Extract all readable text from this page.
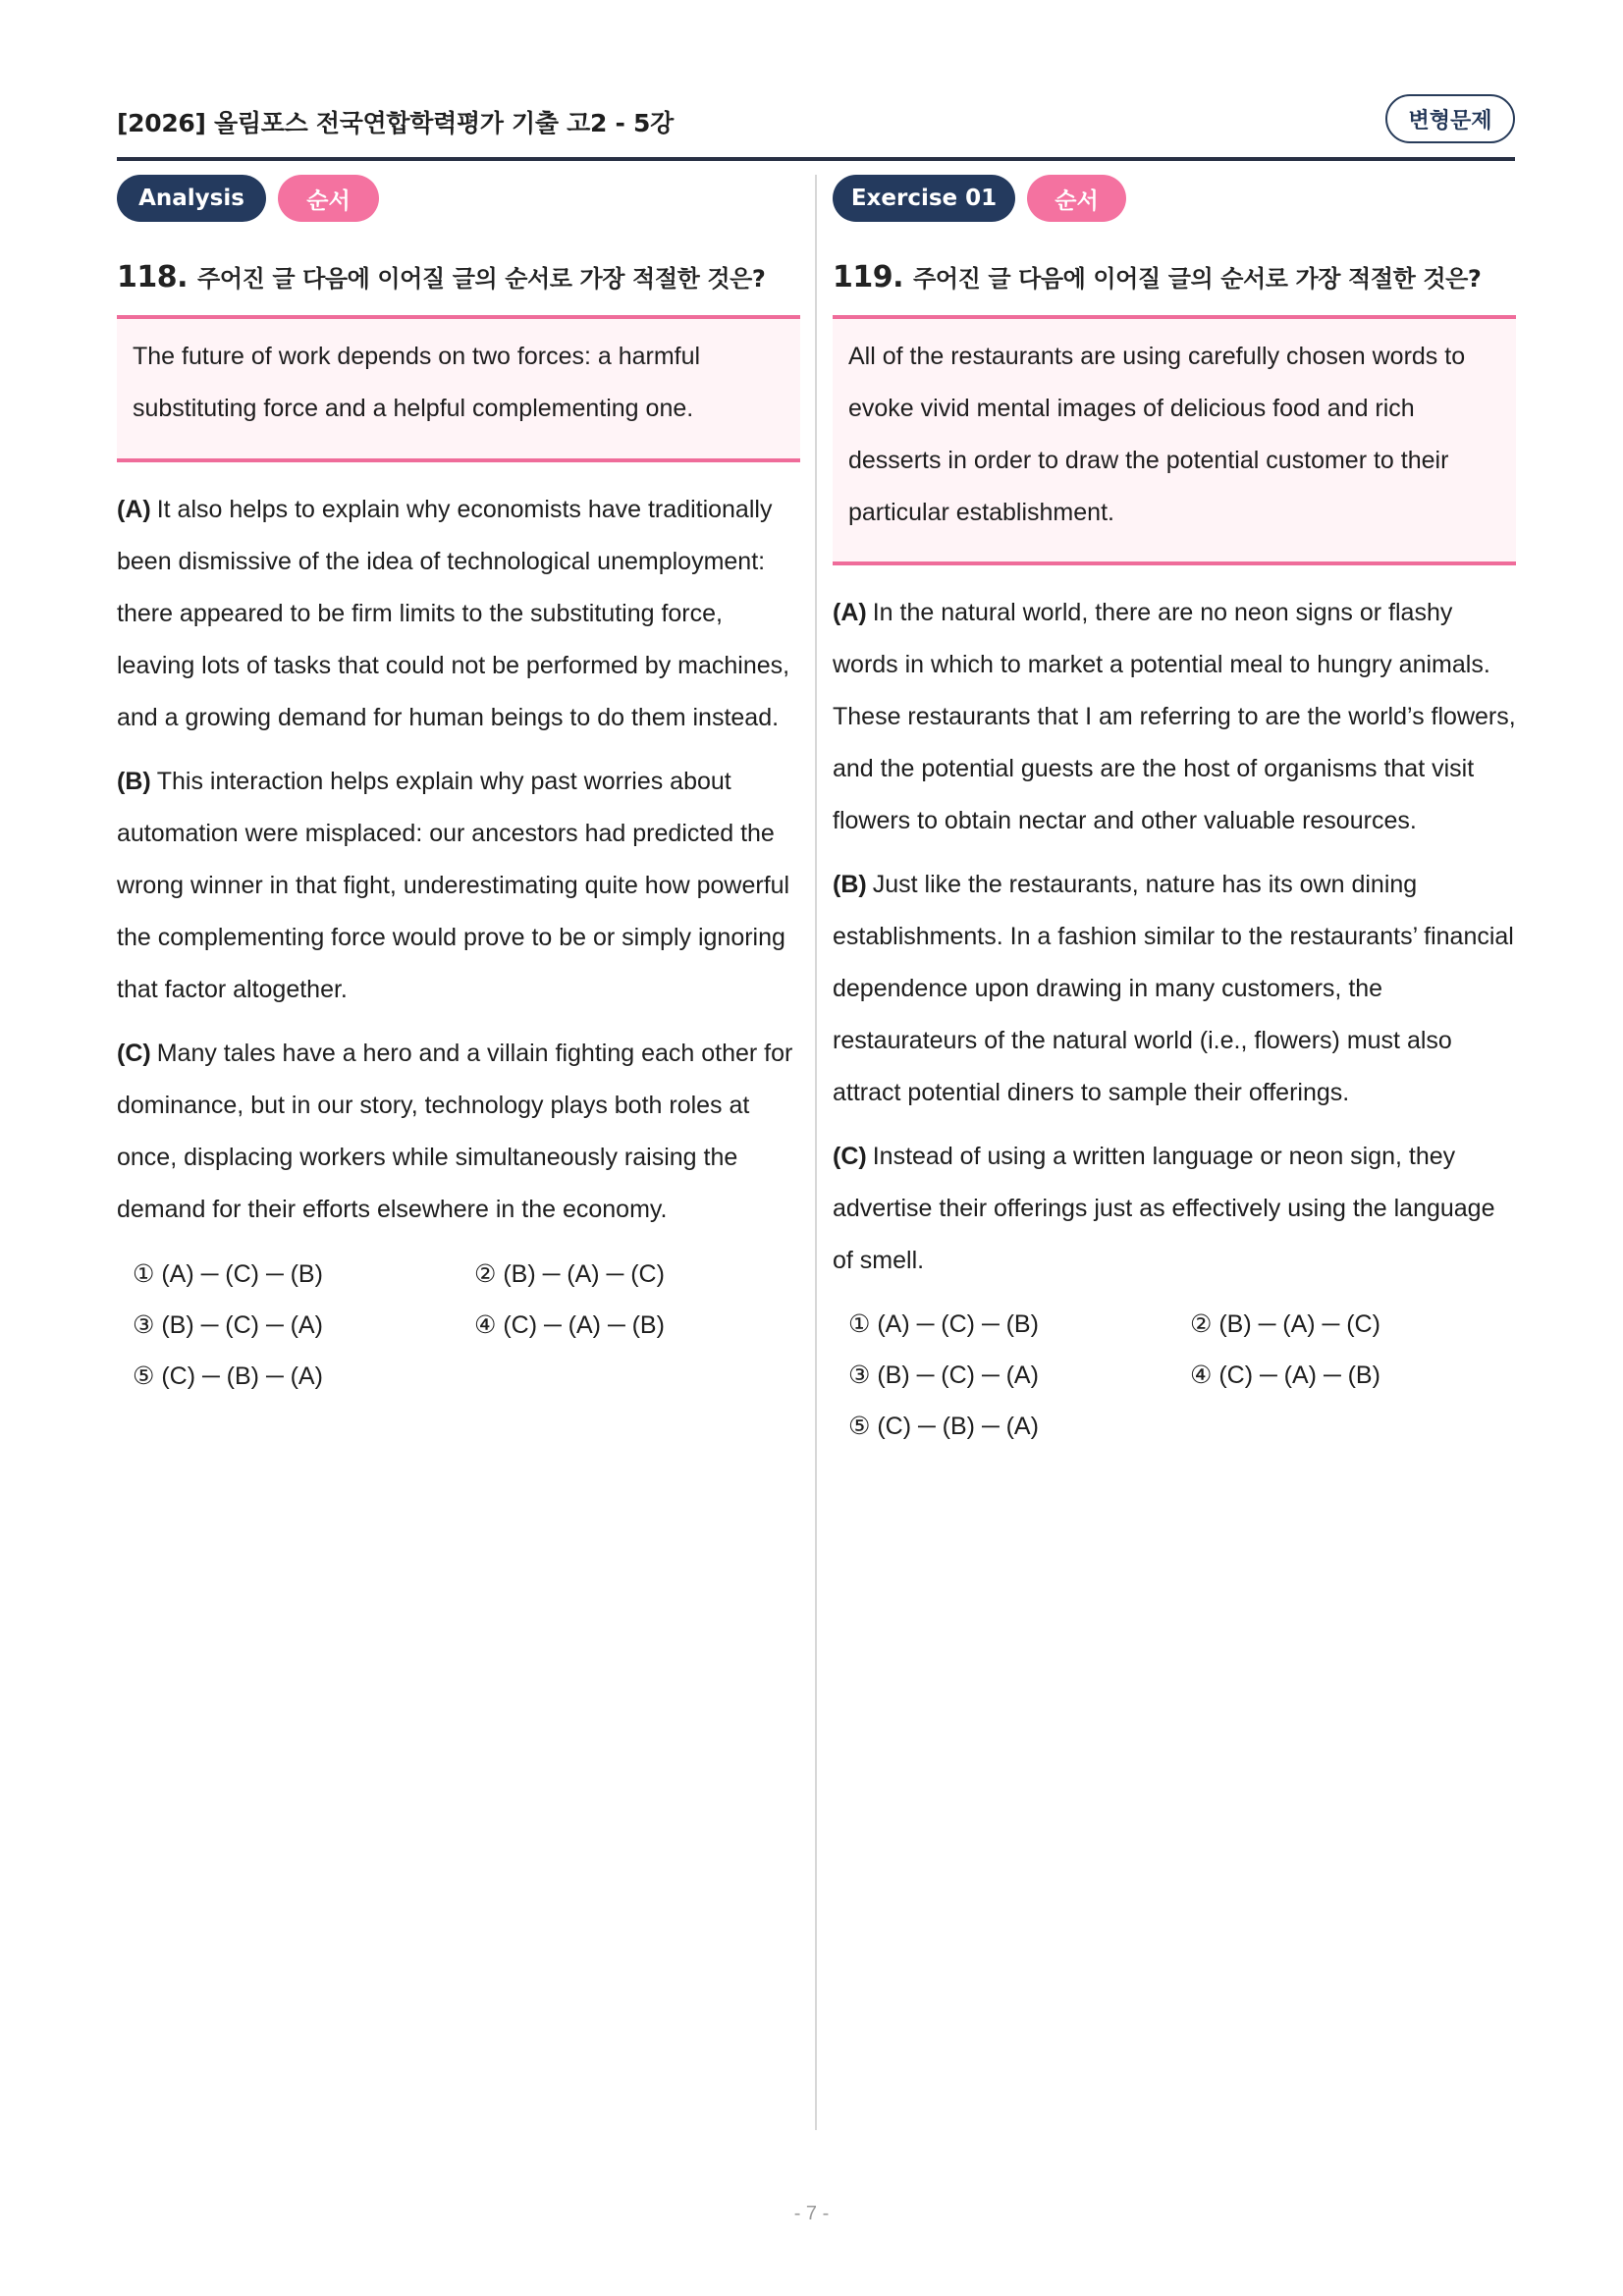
[2026] 올림포스 전국연합학력평가 기출 고2 - 5강	변형문제
Analysis	순서
118. 주어진 글 다음에 이어질 글의 순서로 가장 적절한 것은?
The future of work depends on two forces: a harmful
substituting force and a helpful complementing one.

(A) It also helps to explain why economists have traditionally been dismissive of the idea of technological unemployment: there appeared to be firm limits to the substituting force, leaving lots of tasks that could not be performed by machines, and a growing demand for human beings to do them instead.

(B) This interaction helps explain why past worries about automation were misplaced: our ancestors had predicted the wrong winner in that fight, underestimating quite how powerful the complementing force would prove to be or simply ignoring that factor altogether.

(C) Many tales have a hero and a villain fighting each other for dominance, but in our story, technology plays both roles at once, displacing workers while simultaneously raising the demand for their efforts elsewhere in the economy.

① (A) ─ (C) ─ (B)	② (B) ─ (A) ─ (C)
③ (B) ─ (C) ─ (A)	④ (C) ─ (A) ─ (B)
⑤ (C) ─ (B) ─ (A)
Exercise 01	순서
119. 주어진 글 다음에 이어질 글의 순서로 가장 적절한 것은?
All of the restaurants are using carefully chosen words to
evoke vivid mental images of delicious food and rich
desserts in order to draw the potential customer to their
particular establishment.

(A) In the natural world, there are no neon signs or flashy words in which to market a potential meal to hungry animals. These restaurants that I am referring to are the world’s flowers, and the potential guests are the host of organisms that visit flowers to obtain nectar and other valuable resources.

(B) Just like the restaurants, nature has its own dining establishments. In a fashion similar to the restaurants’ financial dependence upon drawing in many customers, the restaurateurs of the natural world (i.e., flowers) must also attract potential diners to sample their offerings.

(C) Instead of using a written language or neon sign, they advertise their offerings just as effectively using the language of smell.

① (A) ─ (C) ─ (B)	② (B) ─ (A) ─ (C)
③ (B) ─ (C) ─ (A)	④ (C) ─ (A) ─ (B)
⑤ (C) ─ (B) ─ (A)
- 7 -
